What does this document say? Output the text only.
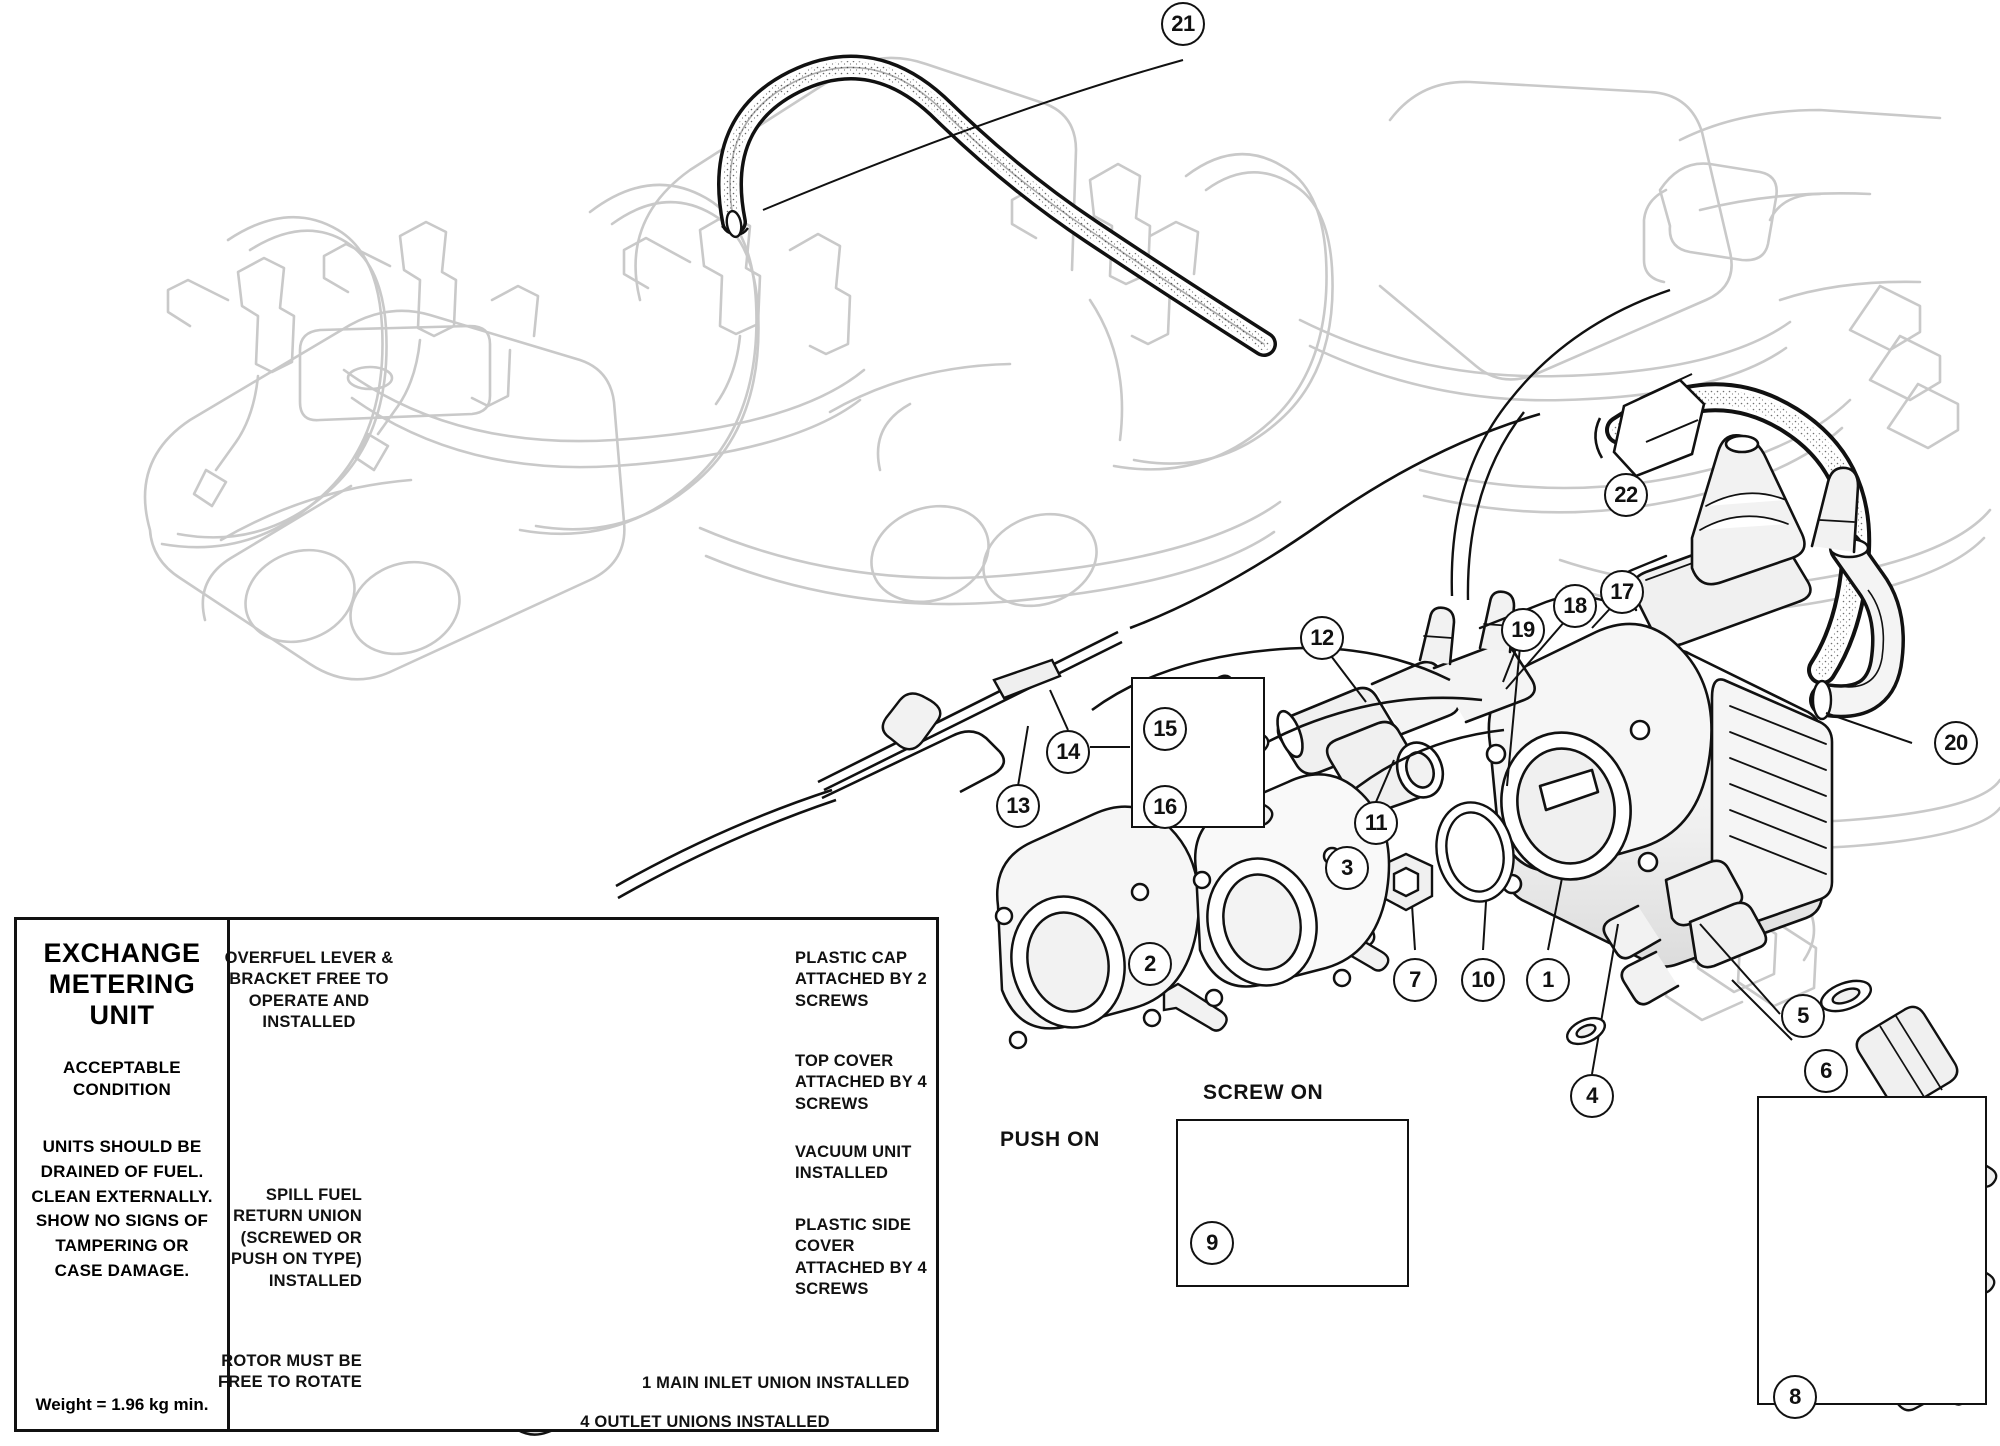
EXCHANGE METERING UNIT
ACCEPTABLE CONDITION
UNITS SHOULD BE DRAINED OF FUEL. CLEAN EXTERNALLY. SHOW NO SIGNS OF TAMPERING OR CASE DAMAGE.
Weight = 1.96 kg min.
OVERFUEL LEVER & BRACKET FREE TO OPERATE AND INSTALLED
PLASTIC CAP ATTACHED BY 2 SCREWS
TOP COVER ATTACHED BY 4 SCREWS
VACUUM UNIT INSTALLED
PLASTIC SIDE COVER ATTACHED BY 4 SCREWS
SPILL FUEL RETURN UNION (SCREWED OR PUSH ON TYPE) INSTALLED
ROTOR MUST BE FREE TO ROTATE	1 MAIN INLET UNION INSTALLED
4 OUTLET UNIONS INSTALLED
PUSH ON
SCREW ON
21
22
12	19
18
17
20
15
16
14
13
11
3
2
7	10	1
5
6
4
9
8
